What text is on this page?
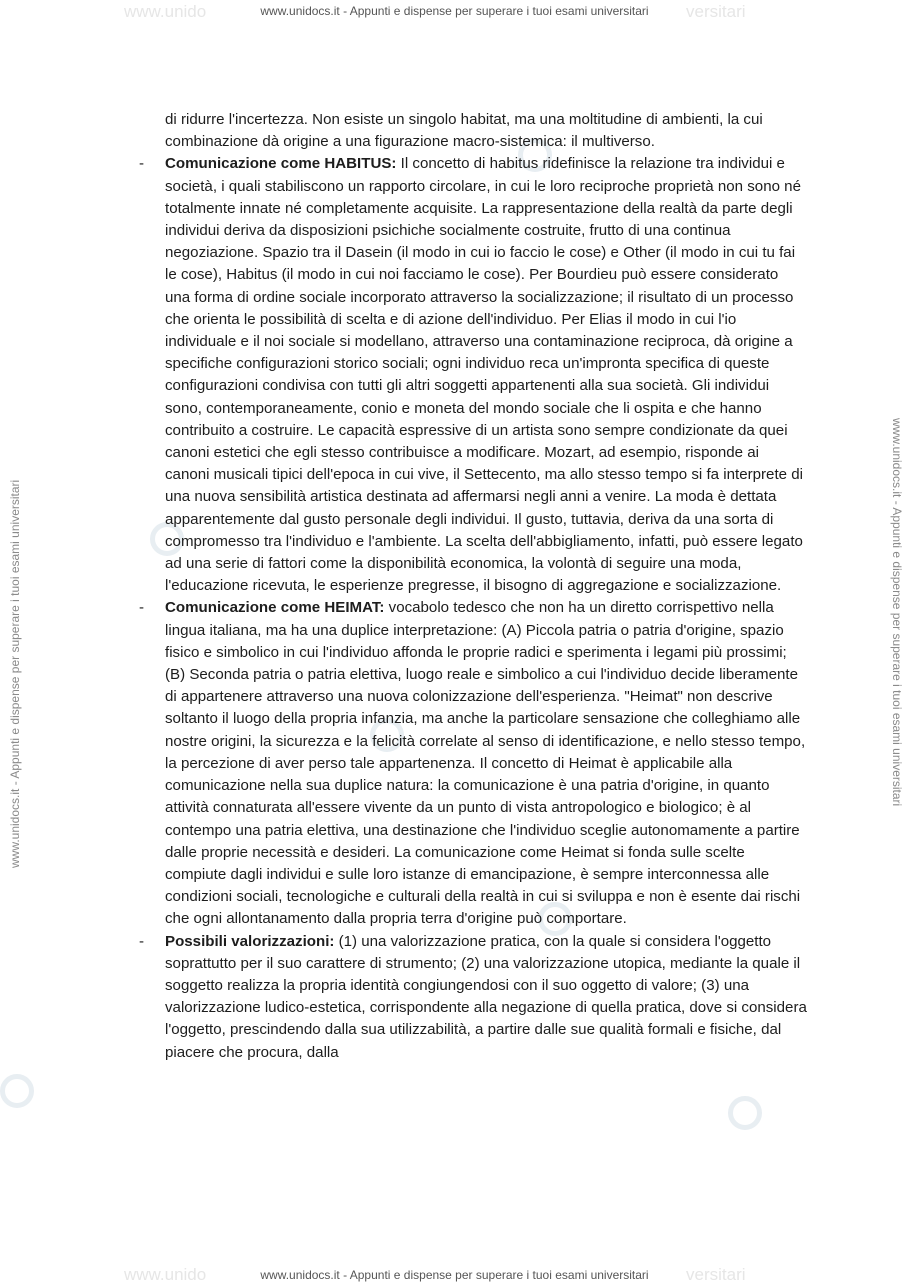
www.unido	versitari
www.unido	versitari
www.unidocs.it - Appunti e dispense per superare i tuoi esami universitari
www.unidocs.it - Appunti e dispense per superare i tuoi esami universitari
www.unidocs.it - Appunti e dispense per superare i tuoi esami universitari	www.unidocs.it - Appunti e dispense per superare i tuoi esami universitari
di ridurre l'incertezza. Non esiste un singolo habitat, ma una moltitudine di ambienti, la cui combinazione dà origine a una figurazione macro-sistemica: il multiverso.
- Comunicazione come HABITUS: Il concetto di habitus ridefinisce la relazione tra individui e società, i quali stabiliscono un rapporto circolare, in cui le loro reciproche proprietà non sono né totalmente innate né completamente acquisite. La rappresentazione della realtà da parte degli individui deriva da disposizioni psichiche socialmente costruite, frutto di una continua negoziazione. Spazio tra il Dasein (il modo in cui io faccio le cose) e Other (il modo in cui tu fai le cose), Habitus (il modo in cui noi facciamo le cose). Per Bourdieu può essere considerato una forma di ordine sociale incorporato attraverso la socializzazione; il risultato di un processo che orienta le possibilità di scelta e di azione dell'individuo. Per Elias il modo in cui l'io individuale e il noi sociale si modellano, attraverso una contaminazione reciproca, dà origine a specifiche configurazioni storico sociali; ogni individuo reca un'impronta specifica di queste configurazioni condivisa con tutti gli altri soggetti appartenenti alla sua società. Gli individui sono, contemporaneamente, conio e moneta del mondo sociale che li ospita e che hanno contribuito a costruire. Le capacità espressive di un artista sono sempre condizionate da quei canoni estetici che egli stesso contribuisce a modificare. Mozart, ad esempio, risponde ai canoni musicali tipici dell'epoca in cui vive, il Settecento, ma allo stesso tempo si fa interprete di una nuova sensibilità artistica destinata ad affermarsi negli anni a venire. La moda è dettata apparentemente dal gusto personale degli individui. Il gusto, tuttavia, deriva da una sorta di compromesso tra l'individuo e l'ambiente. La scelta dell'abbigliamento, infatti, può essere legato ad una serie di fattori come la disponibilità economica, la volontà di seguire una moda, l'educazione ricevuta, le esperienze pregresse, il bisogno di aggregazione e socializzazione.
- Comunicazione come HEIMAT: vocabolo tedesco che non ha un diretto corrispettivo nella lingua italiana, ma ha una duplice interpretazione: (A) Piccola patria o patria d'origine, spazio fisico e simbolico in cui l'individuo affonda le proprie radici e sperimenta i legami più prossimi; (B) Seconda patria o patria elettiva, luogo reale e simbolico a cui l'individuo decide liberamente di appartenere attraverso una nuova colonizzazione dell'esperienza. "Heimat" non descrive soltanto il luogo della propria infanzia, ma anche la particolare sensazione che colleghiamo alle nostre origini, la sicurezza e la felicità correlate al senso di identificazione, e nello stesso tempo, la percezione di aver perso tale appartenenza. Il concetto di Heimat è applicabile alla comunicazione nella sua duplice natura: la comunicazione è una patria d'origine, in quanto attività connaturata all'essere vivente da un punto di vista antropologico e biologico; è al contempo una patria elettiva, una destinazione che l'individuo sceglie autonomamente a partire dalle proprie necessità e desideri. La comunicazione come Heimat si fonda sulle scelte compiute dagli individui e sulle loro istanze di emancipazione, è sempre interconnessa alle condizioni sociali, tecnologiche e culturali della realtà in cui si sviluppa e non è esente dai rischi che ogni allontanamento dalla propria terra d'origine può comportare.
- Possibili valorizzazioni: (1) una valorizzazione pratica, con la quale si considera l'oggetto soprattutto per il suo carattere di strumento; (2) una valorizzazione utopica, mediante la quale il soggetto realizza la propria identità congiungendosi con il suo oggetto di valore; (3) una valorizzazione ludico-estetica, corrispondente alla negazione di quella pratica, dove si considera l'oggetto, prescindendo dalla sua utilizzabilità, a partire dalle sue qualità formali e fisiche, dal piacere che procura, dalla
